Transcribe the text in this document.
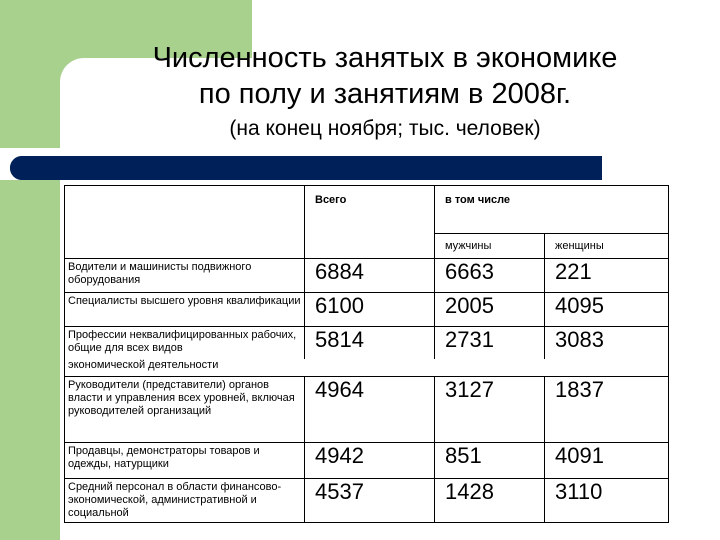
Численность занятых в экономике
по полу и занятиям в 2008г.
(на конец ноября; тыс. человек)
	Всего	в том числе	
		мужчины	женщины
Водители и машинисты подвижного оборудования	6884	6663	221
Специалисты высшего уровня квалификации	6100	2005	4095
Профессии неквалифицированных рабочих, общие для всех видов	5814	2731	3083
экономической деятельности			
Руководители (представители) органов власти и управления всех уровней, включая руководителей организаций	4964	3127	1837
Продавцы, демонстраторы товаров и одежды, натурщики	4942	851	4091
Средний персонал в области финансово-экономической, административной и социальной	4537	1428	3110
